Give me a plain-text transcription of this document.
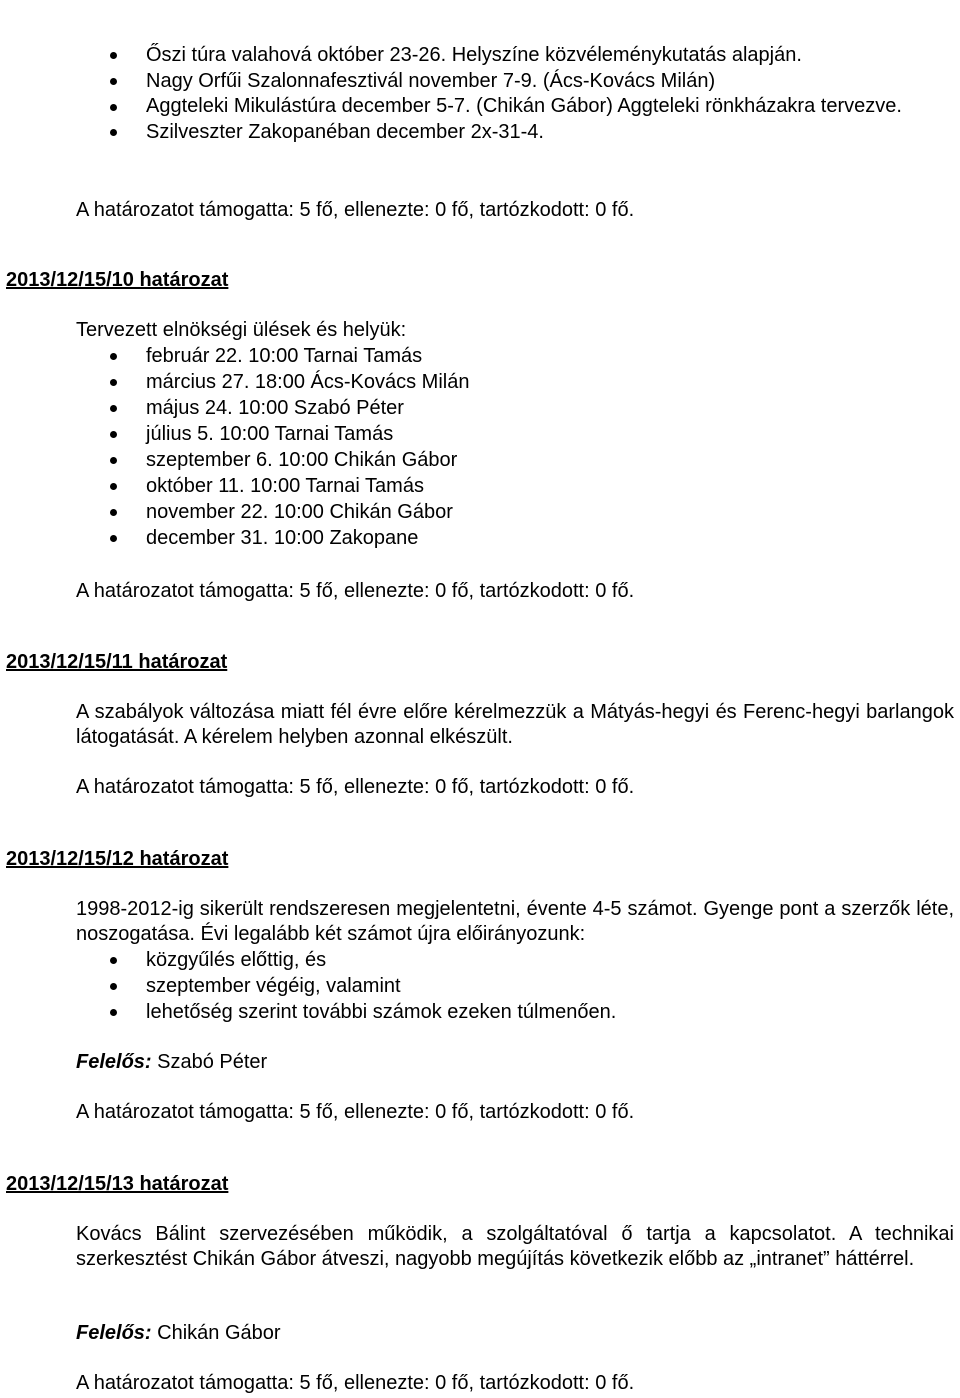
Őszi túra valahová október 23-26. Helyszíne közvéleménykutatás alapján.
Nagy Orfűi Szalonnafesztivál november 7-9. (Ács-Kovács Milán)
Aggteleki Mikulástúra december 5-7. (Chikán Gábor) Aggteleki rönkházakra tervezve.
Szilveszter Zakopanéban december 2x-31-4.
A határozatot támogatta: 5 fő, ellenezte: 0 fő, tartózkodott: 0 fő.
2013/12/15/10 határozat
Tervezett elnökségi ülések és helyük:
február 22. 10:00 Tarnai Tamás
március 27. 18:00 Ács-Kovács Milán
május 24. 10:00 Szabó Péter
július 5. 10:00 Tarnai Tamás
szeptember 6. 10:00 Chikán Gábor
október 11. 10:00 Tarnai Tamás
november 22. 10:00 Chikán Gábor
december 31. 10:00 Zakopane
A határozatot támogatta: 5 fő, ellenezte: 0 fő, tartózkodott: 0 fő.
2013/12/15/11 határozat
A szabályok változása miatt fél évre előre kérelmezzük a Mátyás-hegyi és Ferenc-hegyi barlangok látogatását. A kérelem helyben azonnal elkészült.
A határozatot támogatta: 5 fő, ellenezte: 0 fő, tartózkodott: 0 fő.
2013/12/15/12 határozat
1998-2012-ig sikerült rendszeresen megjelentetni, évente 4-5 számot. Gyenge pont a szerzők léte, noszogatása. Évi legalább két számot újra előirányozunk:
közgyűlés előttig, és
szeptember végéig, valamint
lehetőség szerint további számok ezeken túlmenően.
Felelős: Szabó Péter
A határozatot támogatta: 5 fő, ellenezte: 0 fő, tartózkodott: 0 fő.
2013/12/15/13 határozat
Kovács Bálint szervezésében működik, a szolgáltatóval ő tartja a kapcsolatot. A technikai szerkesztést Chikán Gábor átveszi, nagyobb megújítás következik előbb az „intranet” háttérrel.
Felelős: Chikán Gábor
A határozatot támogatta: 5 fő, ellenezte: 0 fő, tartózkodott: 0 fő.
